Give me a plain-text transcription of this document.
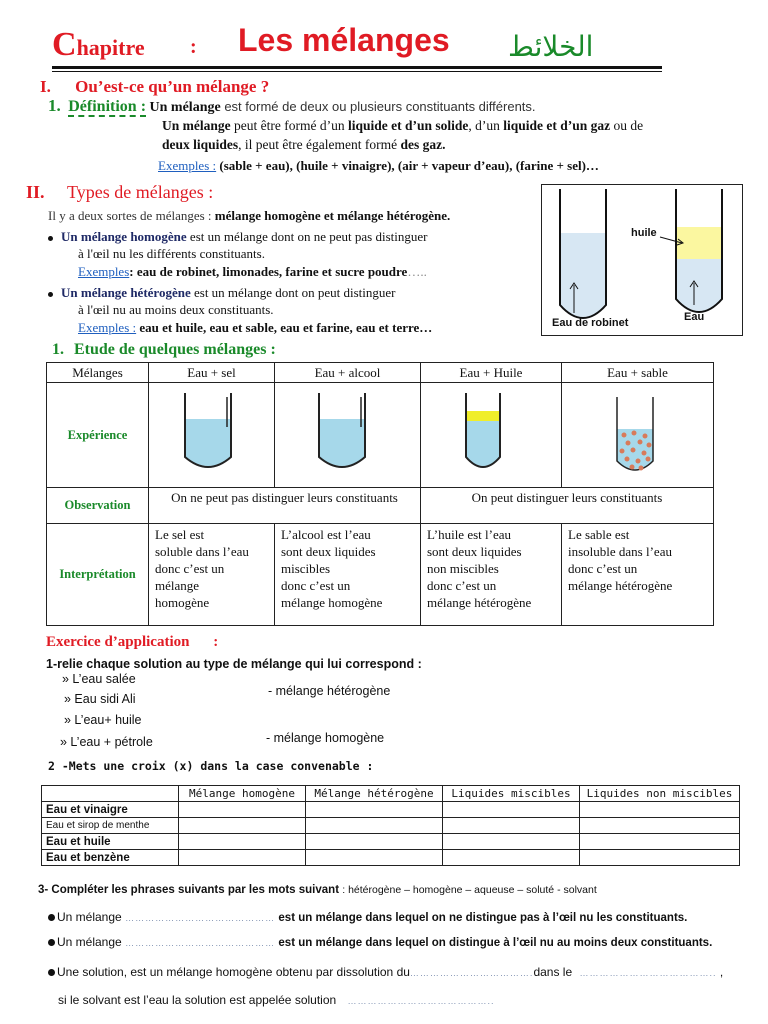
Chapitre : Les mélanges الخلائط
I. Ou’est-ce qu’un mélange ?
1. Définition : Un mélange est formé de deux ou plusieurs constituants différents.
Un mélange peut être formé d’un liquide et d’un solide, d’un liquide et d’un gaz ou de
deux liquides, il peut être également formé des gaz.
Exemples : (sable + eau), (huile + vinaigre), (air + vapeur d’eau), (farine + sel)…
II. Types de mélanges :
Il y a deux sortes de mélanges : mélange homogène et mélange hétérogène.
Un mélange homogène est un mélange dont on ne peut pas distinguer
à l'œil nu les différents constituants.
Exemples: eau de robinet, limonades, farine et sucre poudre…..
Un mélange hétérogène est un mélange dont on peut distinguer
à l'œil nu au moins deux constituants.
Exemples : eau et huile, eau et sable, eau et farine, eau et terre…
huile
Eau de robinet	Eau
1. Etude de quelques mélanges :
Mélanges	Eau + sel	Eau + alcool	Eau + Huile	Eau + sable
Expérience				
Observation	On ne peut pas distinguer leurs constituants		On peut distinguer leurs constituants	
Interprétation	Le sel est
soluble dans l’eau
donc c’est un
mélange
homogène	L’alcool est l’eau
sont deux liquides
miscibles
donc c’est un
mélange homogène	L’huile est l’eau
sont deux liquides
non miscibles
donc c’est un
mélange hétérogène	Le sable est
insoluble dans l’eau
donc c’est un
mélange hétérogène
Exercice d’application :
1-relie chaque solution au type de mélange qui lui correspond :
» L’eau salée
» Eau sidi Ali
» L’eau+ huile
» L’eau + pétrole
- mélange hétérogène
- mélange homogène
2 -Mets une croix (x) dans la case convenable :
	Mélange homogène	Mélange hétérogène	Liquides miscibles	Liquides non miscibles
Eau et vinaigre				
Eau et sirop de menthe				
Eau et huile				
Eau et benzène				
3- Compléter les phrases suivants par les mots suivant : hétérogène – homogène – aqueuse – soluté - solvant
Un mélange ……………………………………… est un mélange dans lequel on ne distingue pas à l’œil nu les constituants.
Un mélange ……………………………………… est un mélange dans lequel on distingue à l’œil nu au moins deux constituants.
Une solution, est un mélange homogène obtenu par dissolution du……………………………….dans le ………………………………….. ,
si le solvant est l’eau la solution est appelée solution ……………………………………..
